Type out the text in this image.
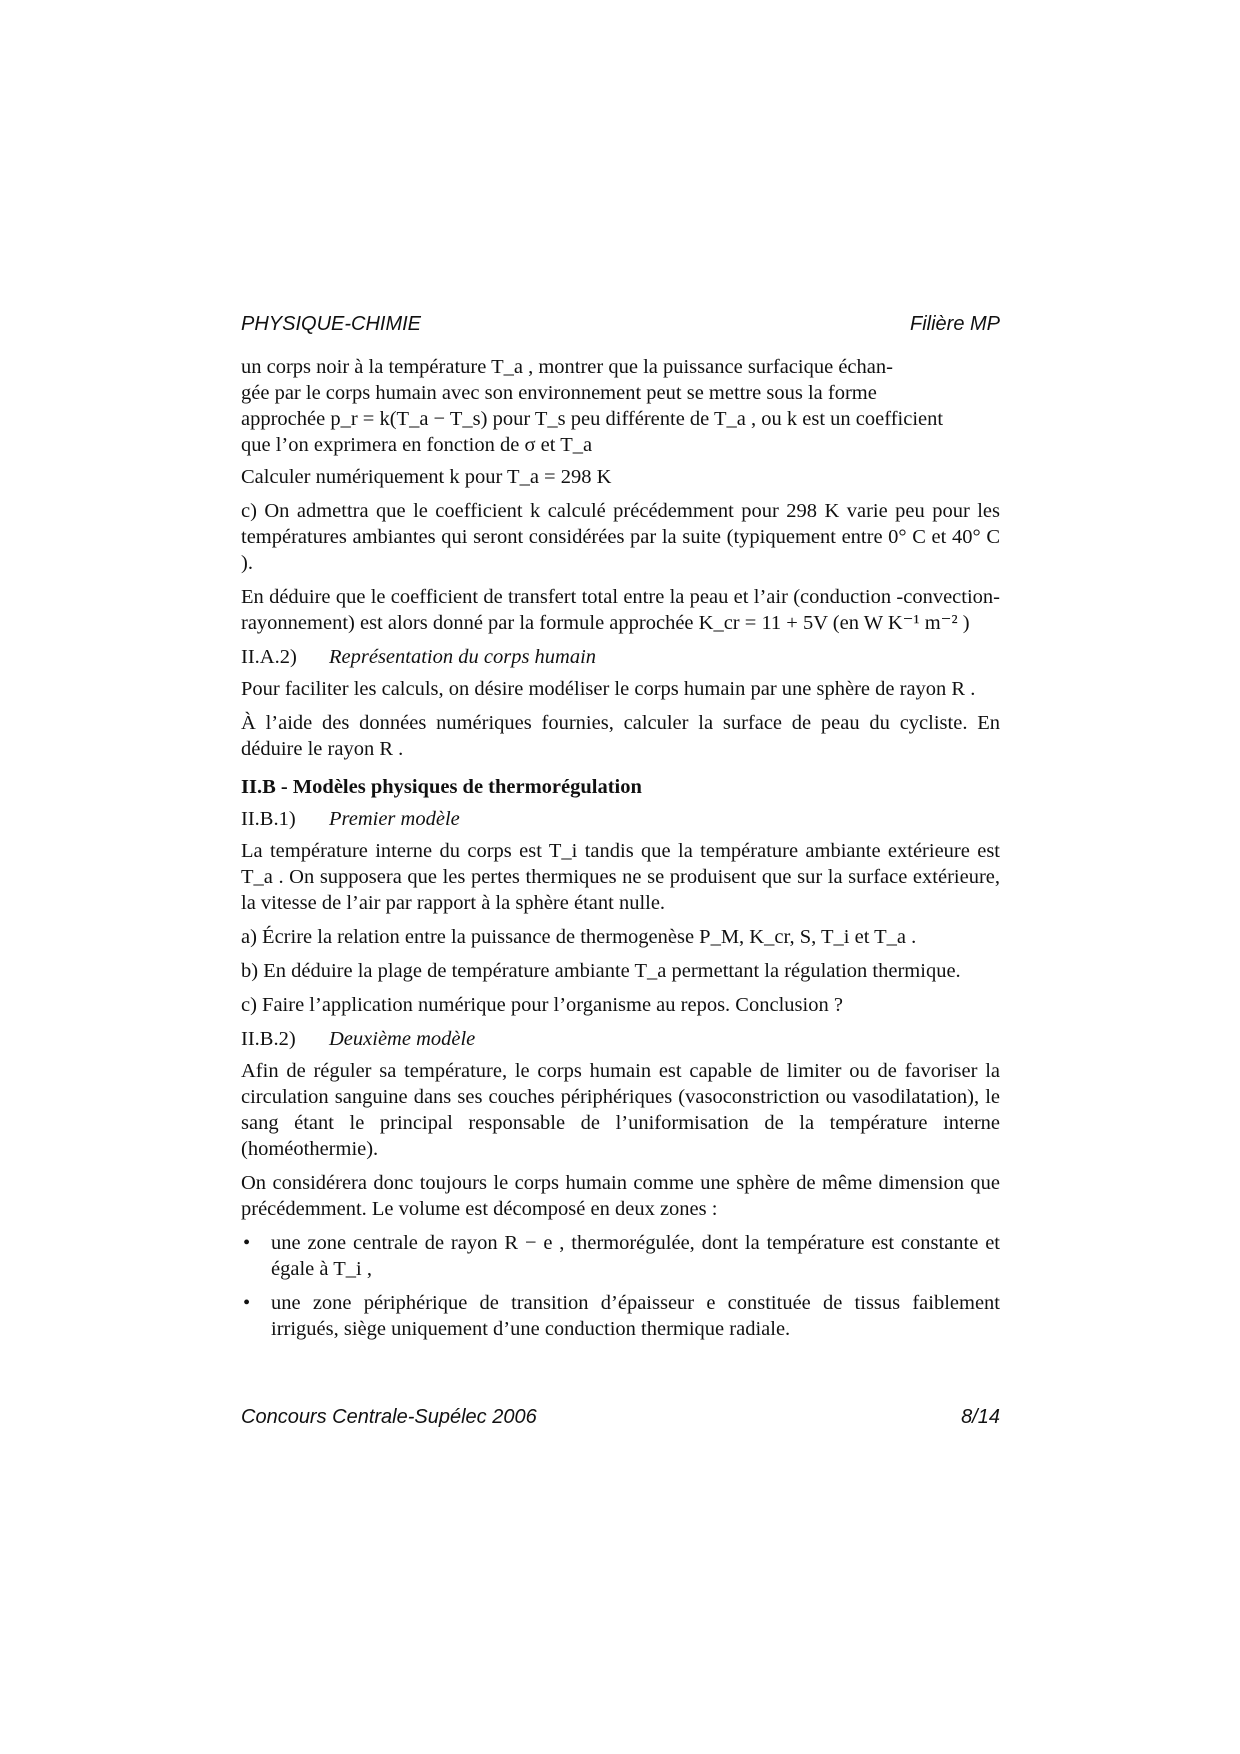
PHYSIQUE-CHIMIE	Filière MP
un corps noir à la température T_a , montrer que la puissance surfacique échan-
gée par le corps humain avec son environnement peut se mettre sous la forme
approchée p_r = k(T_a − T_s) pour T_s peu différente de T_a , ou k est un coefficient
que l’on exprimera en fonction de σ et T_a
Calculer numériquement k pour T_a = 298 K
c) On admettra que le coefficient k calculé précédemment pour 298 K varie peu pour les températures ambiantes qui seront considérées par la suite (typiquement entre 0° C et 40° C ).
En déduire que le coefficient de transfert total entre la peau et l’air (conduction -convection-rayonnement) est alors donné par la formule approchée K_cr = 11 + 5V (en W K⁻¹ m⁻² )
II.A.2) Représentation du corps humain
Pour faciliter les calculs, on désire modéliser le corps humain par une sphère de rayon R .
À l’aide des données numériques fournies, calculer la surface de peau du cycliste. En déduire le rayon R .
II.B - Modèles physiques de thermorégulation
II.B.1) Premier modèle
La température interne du corps est T_i tandis que la température ambiante extérieure est T_a . On supposera que les pertes thermiques ne se produisent que sur la surface extérieure, la vitesse de l’air par rapport à la sphère étant nulle.
a) Écrire la relation entre la puissance de thermogenèse P_M, K_cr, S, T_i et T_a .
b) En déduire la plage de température ambiante T_a permettant la régulation thermique.
c) Faire l’application numérique pour l’organisme au repos. Conclusion ?
II.B.2) Deuxième modèle
Afin de réguler sa température, le corps humain est capable de limiter ou de favoriser la circulation sanguine dans ses couches périphériques (vasoconstriction ou vasodilatation), le sang étant le principal responsable de l’uniformisation de la température interne (homéothermie).
On considérera donc toujours le corps humain comme une sphère de même dimension que précédemment. Le volume est décomposé en deux zones :
• une zone centrale de rayon R − e , thermorégulée, dont la température est constante et égale à T_i ,
• une zone périphérique de transition d’épaisseur e constituée de tissus faiblement irrigués, siège uniquement d’une conduction thermique radiale.
Concours Centrale-Supélec 2006	8/14
